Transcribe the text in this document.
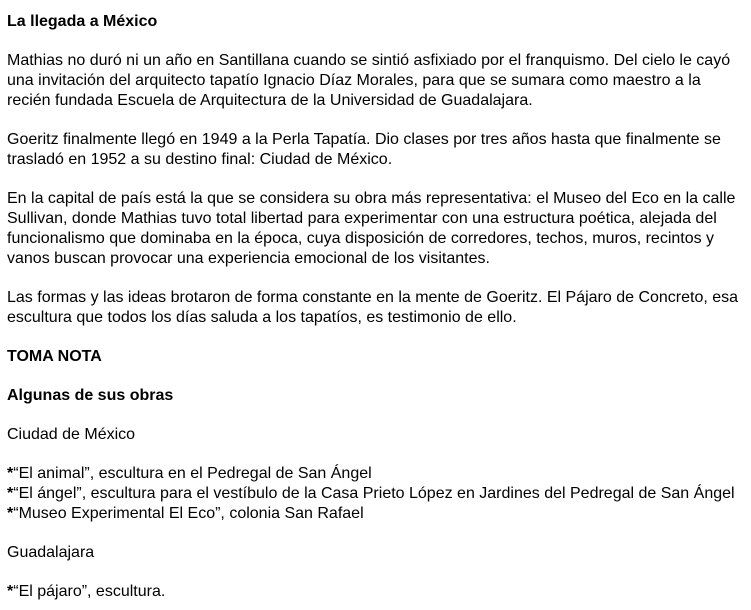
La llegada a México

Mathias no duró ni un año en Santillana cuando se sintió asfixiado por el franquismo. Del cielo le cayó
una invitación del arquitecto tapatío Ignacio Díaz Morales, para que se sumara como maestro a la
recién fundada Escuela de Arquitectura de la Universidad de Guadalajara.

Goeritz finalmente llegó en 1949 a la Perla Tapatía. Dio clases por tres años hasta que finalmente se
trasladó en 1952 a su destino final: Ciudad de México.

En la capital de país está la que se considera su obra más representativa: el Museo del Eco en la calle
Sullivan, donde Mathias tuvo total libertad para experimentar con una estructura poética, alejada del
funcionalismo que dominaba en la época, cuya disposición de corredores, techos, muros, recintos y
vanos buscan provocar una experiencia emocional de los visitantes.

Las formas y las ideas brotaron de forma constante en la mente de Goeritz. El Pájaro de Concreto, esa
escultura que todos los días saluda a los tapatíos, es testimonio de ello.

TOMA NOTA

Algunas de sus obras

Ciudad de México

*“El animal”, escultura en el Pedregal de San Ángel
*“El ángel”, escultura para el vestíbulo de la Casa Prieto López en Jardines del Pedregal de San Ángel
*“Museo Experimental El Eco”, colonia San Rafael

Guadalajara

*“El pájaro”, escultura.
